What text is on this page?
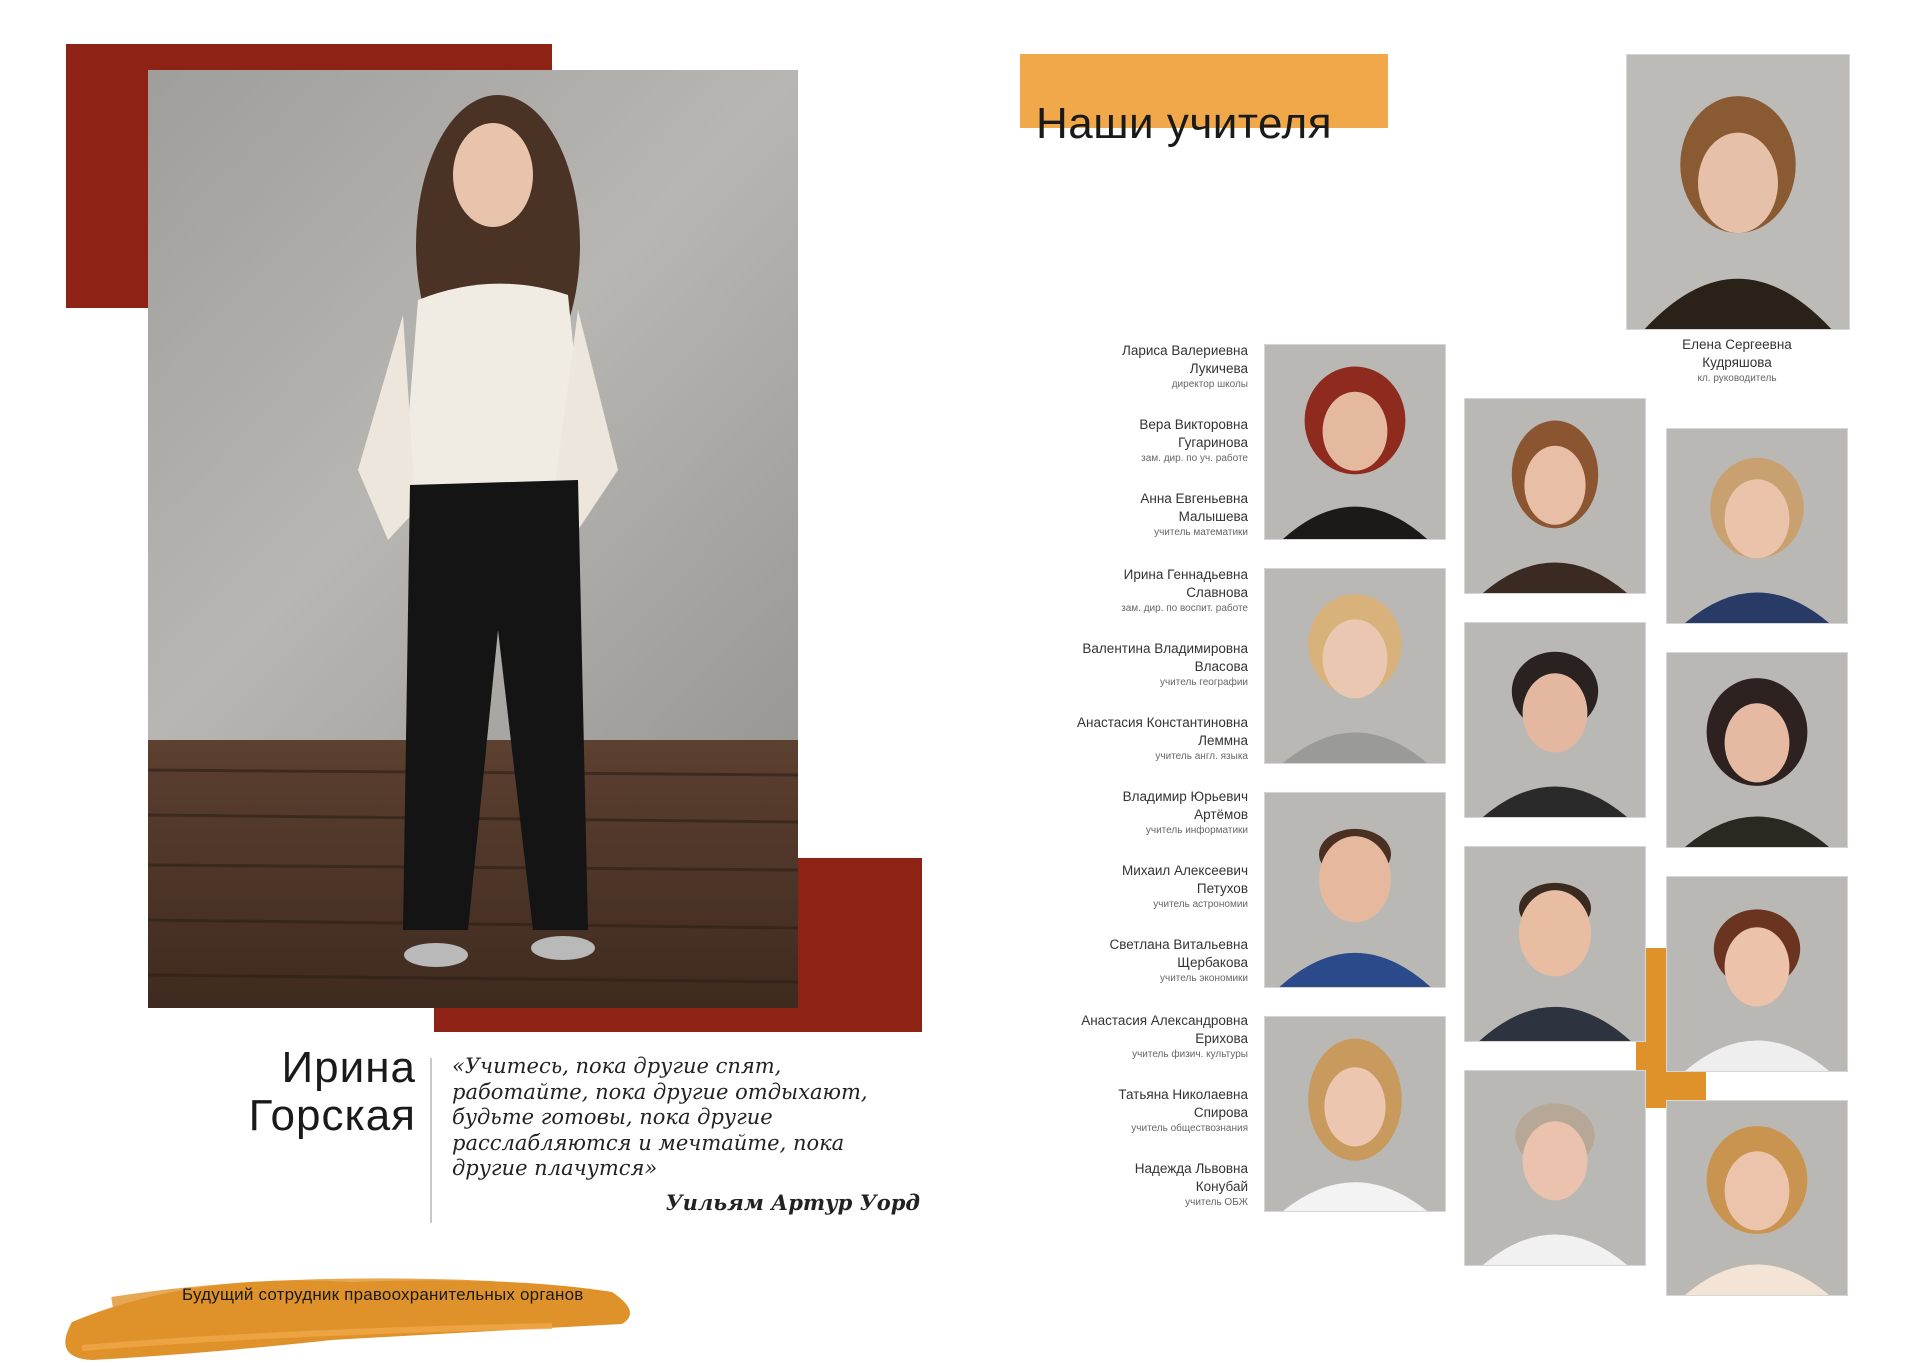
Ирина
Горская
«Учитесь, пока другие спят, работайте, пока другие отдыхают, будьте готовы, пока другие расслабляются и мечтайте, пока другие плачутся»
Уильям Артур Уорд
Будущий сотрудник правоохранительных органов
Наши учителя
Елена Сергеевна
Кудряшова
кл. руководитель
Лариса Валериевна
Лукичева
директор школы
Вера Викторовна
Гугаринова
зам. дир. по уч. работе
Анна Евгеньевна
Малышева
учитель математики
Ирина Геннадьевна
Славнова
зам. дир. по воспит. работе
Валентина Владимировна
Власова
учитель географии
Анастасия Константиновна
Леммна
учитель англ. языка
Владимир Юрьевич
Артёмов
учитель информатики
Михаил Алексеевич
Петухов
учитель астрономии
Светлана Витальевна
Щербакова
учитель экономики
Анастасия Александровна
Ерихова
учитель физич. культуры
Татьяна Николаевна
Спирова
учитель обществознания
Надежда Львовна
Конубай
учитель ОБЖ
